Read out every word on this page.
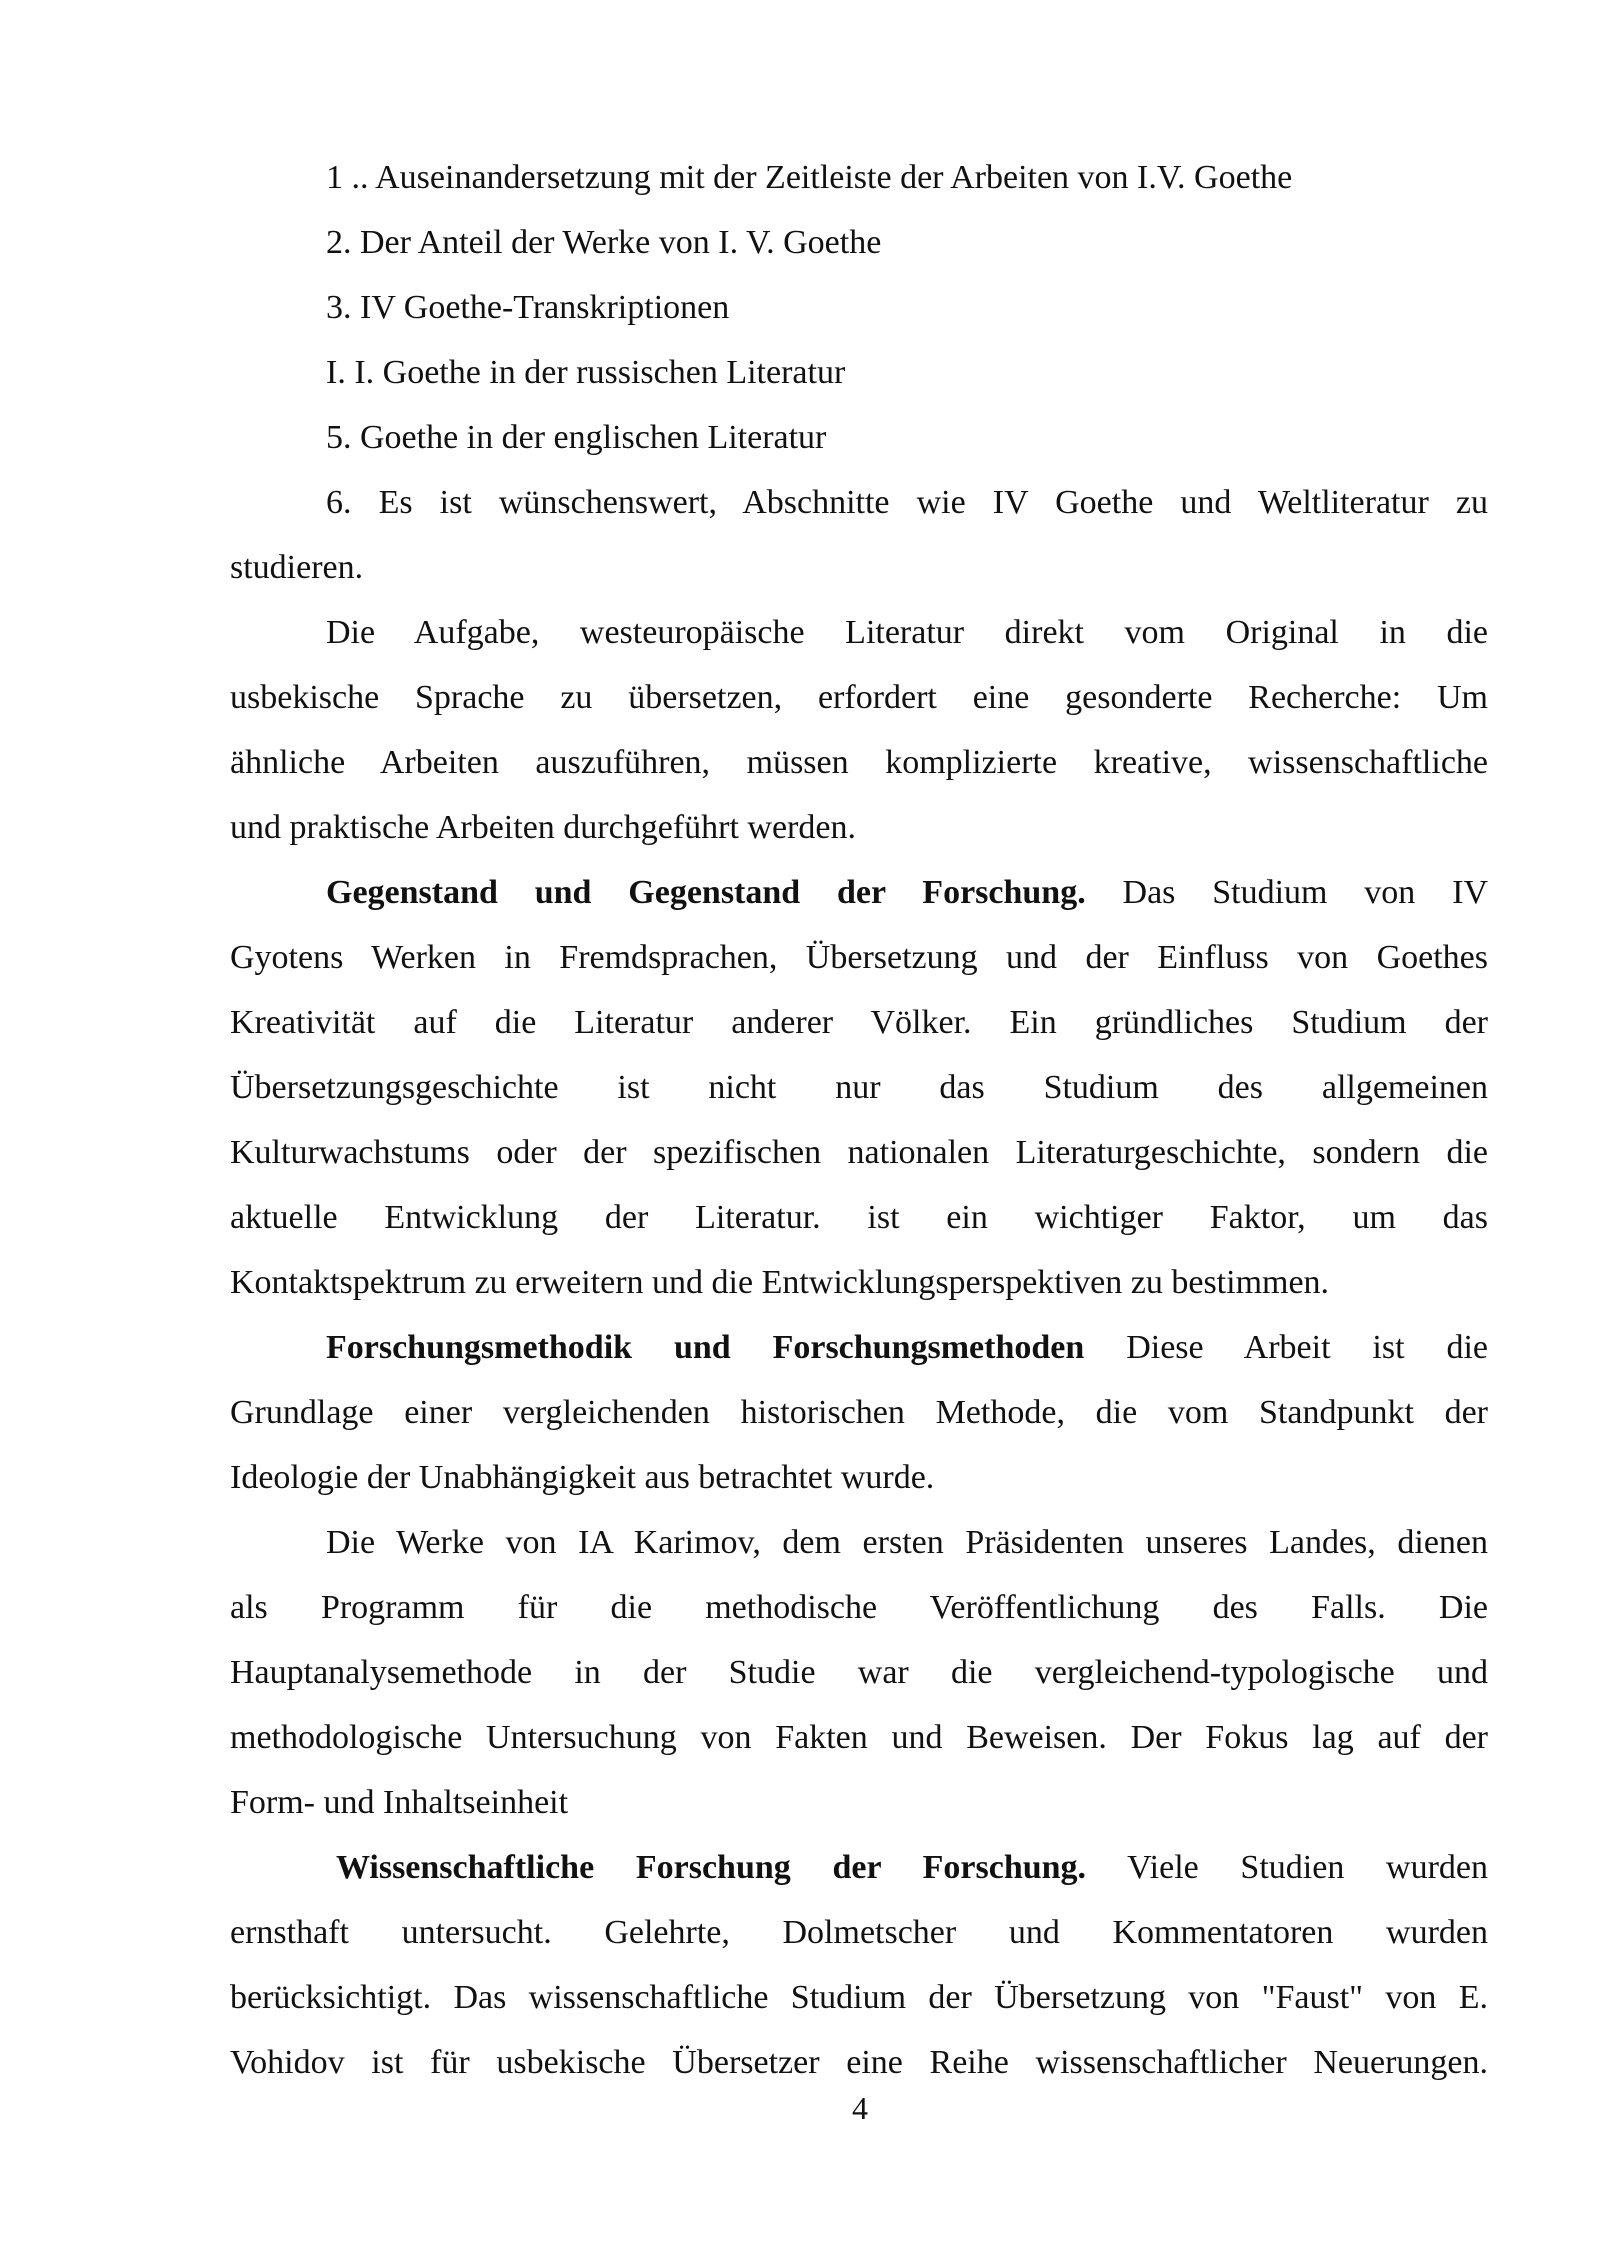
1 .. Auseinandersetzung mit der Zeitleiste der Arbeiten von I.V. Goethe
2. Der Anteil der Werke von I. V. Goethe
3. IV Goethe-Transkriptionen
I. I. Goethe in der russischen Literatur
5. Goethe in der englischen Literatur
6. Es ist wünschenswert, Abschnitte wie IV Goethe und Weltliteratur zu
studieren.
Die Aufgabe, westeuropäische Literatur direkt vom Original in die
usbekische Sprache zu übersetzen, erfordert eine gesonderte Recherche: Um
ähnliche Arbeiten auszuführen, müssen komplizierte kreative, wissenschaftliche
und praktische Arbeiten durchgeführt werden.
Gegenstand und Gegenstand der Forschung. Das Studium von IV
Gyotens Werken in Fremdsprachen, Übersetzung und der Einfluss von Goethes
Kreativität auf die Literatur anderer Völker. Ein gründliches Studium der
Übersetzungsgeschichte ist nicht nur das Studium des allgemeinen
Kulturwachstums oder der spezifischen nationalen Literaturgeschichte, sondern die
aktuelle Entwicklung der Literatur. ist ein wichtiger Faktor, um das
Kontaktspektrum zu erweitern und die Entwicklungsperspektiven zu bestimmen.
Forschungsmethodik und Forschungsmethoden Diese Arbeit ist die
Grundlage einer vergleichenden historischen Methode, die vom Standpunkt der
Ideologie der Unabhängigkeit aus betrachtet wurde.
Die Werke von IA Karimov, dem ersten Präsidenten unseres Landes, dienen
als Programm für die methodische Veröffentlichung des Falls. Die
Hauptanalysemethode in der Studie war die vergleichend-typologische und
methodologische Untersuchung von Fakten und Beweisen. Der Fokus lag auf der
Form- und Inhaltseinheit
Wissenschaftliche Forschung der Forschung. Viele Studien wurden
ernsthaft untersucht. Gelehrte, Dolmetscher und Kommentatoren wurden
berücksichtigt. Das wissenschaftliche Studium der Übersetzung von "Faust" von E.
Vohidov ist für usbekische Übersetzer eine Reihe wissenschaftlicher Neuerungen.
4
